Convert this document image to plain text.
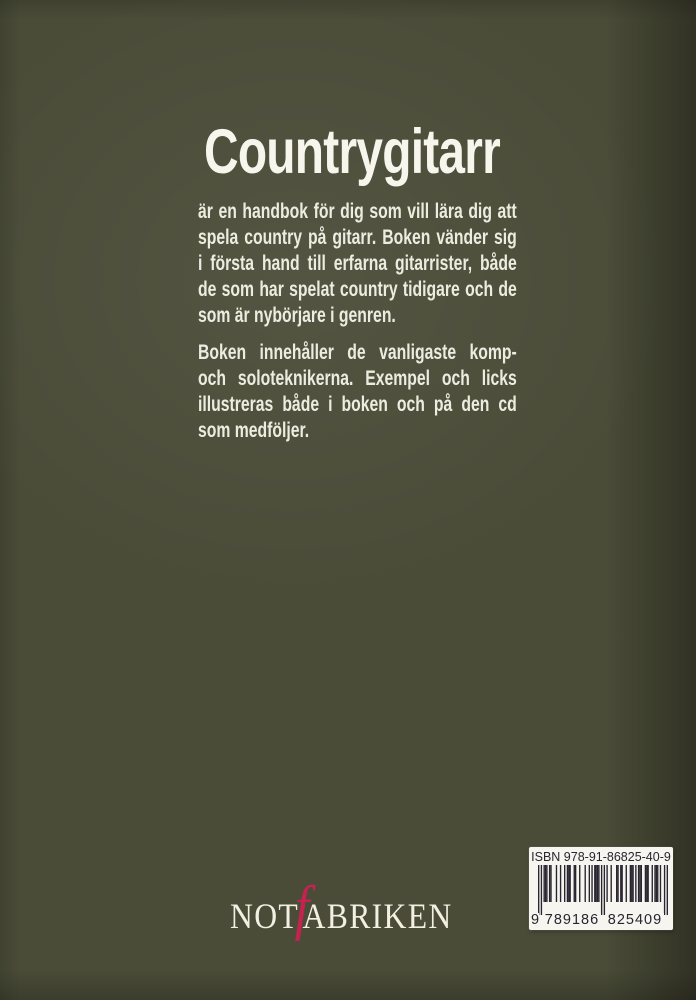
Countrygitarr
är en handbok för dig som vill lära dig att
spela country på gitarr. Boken vänder sig
i första hand till erfarna gitarrister, både
de som har spelat country tidigare och de
som är nybörjare i genren.
Boken innehåller de vanligaste komp-
och soloteknikerna. Exempel och licks
illustreras både i boken och på den cd
som medföljer.
NOT
f
ABRIKEN
ISBN 978-91-86825-40-9
9 789186 825409
